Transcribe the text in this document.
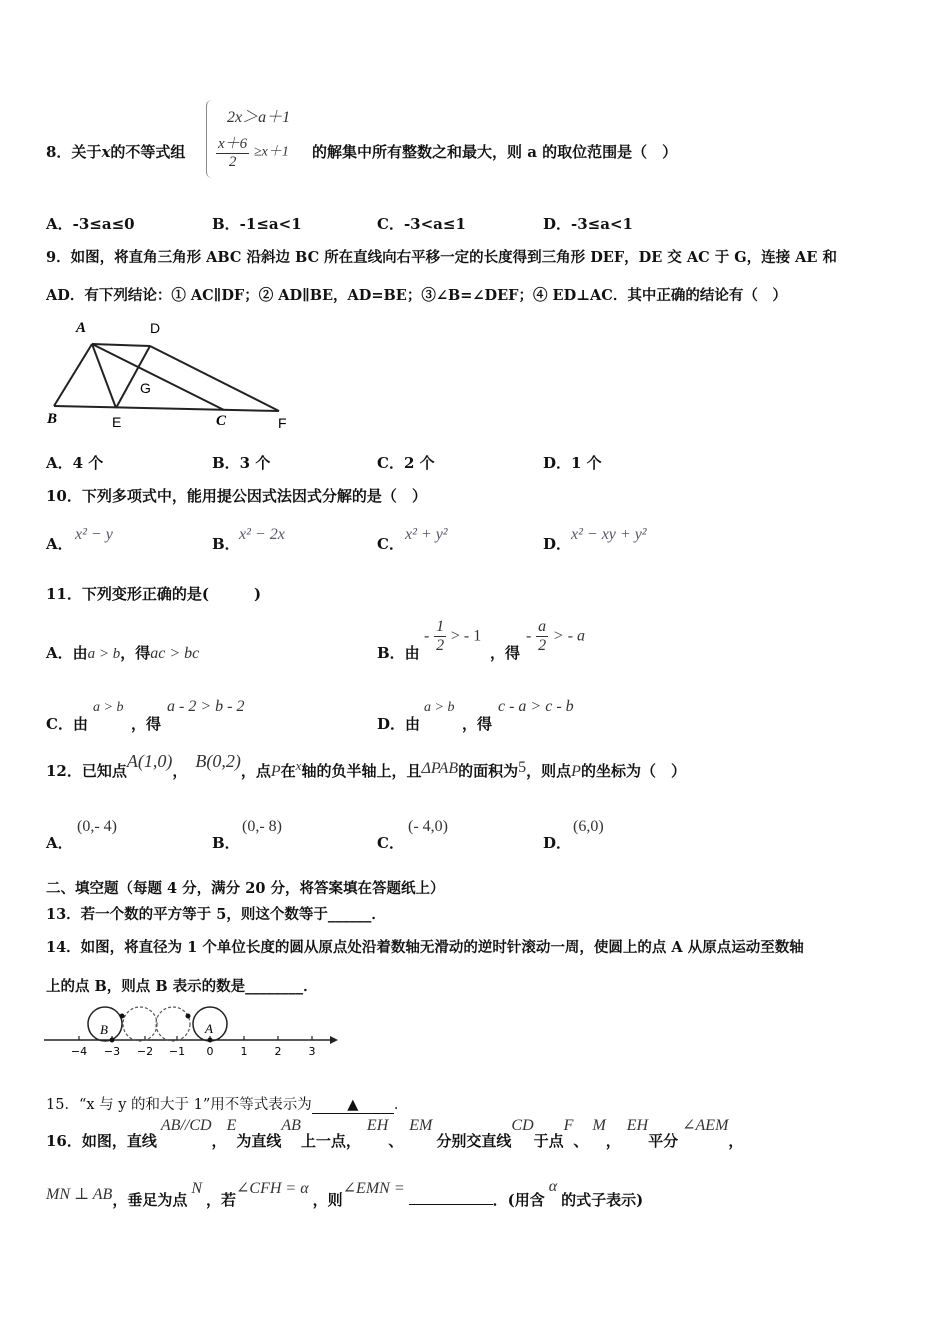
8．关于x的不等式组
2x＞a＋1
$\frac{x+6}{2} \ge x+1$ 的解集中所有整数之和最大，则 a 的取位范围是（　）
A．-3≤a≤0	B．-1≤a<1	C．-3<a≤1	D．-3≤a<1
9．如图，将直角三角形 ABC 沿斜边 BC 所在直线向右平移一定的长度得到三角形 DEF，DE 交 AC 于 G，连接 AE 和
AD．有下列结论：① AC∥DF；② AD∥BE，AD=BE；③∠B=∠DEF；④ ED⊥AC．其中正确的结论有（　）
A	D
G
B	E	C	F
A．4 个	B．3 个	C．2 个	D．1 个
10．下列多项式中，能用提公因式法因式分解的是（　）
A．
x² − y
B．
x² − 2x
C．
x² + y²
D．
x² − xy + y²
11．下列变形正确的是(　　　)
A．由a > b，得ac > bc	B．由
- $\frac{1}{2}$ > - 1
，得
- $\frac{a}{2}$ > - a
C．由
a > b
，得
a - 2 > b - 2
D．由
a > b
，得
c - a > c - b
12．已知点A(1,0)， B(0,2)，点P在x轴的负半轴上，且ΔPAB的面积为5，则点P的坐标为（　）
A．
(0,- 4)
B．
(0,- 8)
C．
(- 4,0)
D．
(6,0)
二、填空题（每题 4 分，满分 20 分，将答案填在答题纸上）
13．若一个数的平方等于 5，则这个数等于______．
14．如图，将直径为 1 个单位长度的圆从原点处沿着数轴无滑动的逆时针滚动一周，使圆上的点 A 从原点运动至数轴
上的点 B，则点 B 表示的数是________．
B	A
−4 −3 −2 −1 0 1 2 3
15．“x 与 y 的和大于 1”用不等式表示为 ▲ ．
16．如图，直线AB//CD，E为直线AB上一点，EH、EM分别交直线CD于点F、M，EH平分∠AEM，
MN ⊥ AB，垂足为点N，若∠CFH = α，则∠EMN =．(用含α的式子表示)
